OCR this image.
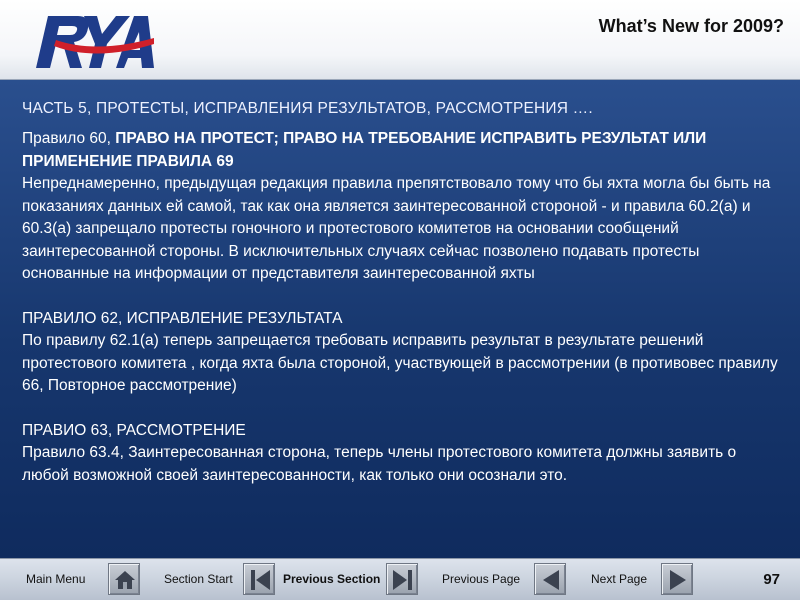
What’s New for 2009?
ЧАСТЬ 5, ПРОТЕСТЫ, ИСПРАВЛЕНИЯ РЕЗУЛЬТАТОВ, РАССМОТРЕНИЯ ….
Правило 60, ПРАВО НА ПРОТЕСТ; ПРАВО НА ТРЕБОВАНИЕ ИСПРАВИТЬ РЕЗУЛЬТАТ ИЛИ ПРИМЕНЕНИЕ ПРАВИЛА 69
Непреднамеренно, предыдущая редакция правила препятствовало тому что бы яхта могла бы быть на показаниях данных ей самой, так как она является заинтересованной стороной - и правила 60.2(a) и 60.3(a) запрещало протесты гоночного и протестового комитетов на основании сообщений заинтересованной стороны. В исключительных случаях сейчас позволено подавать протесты основанные на информации от представителя заинтересованной яхты
ПРАВИЛО 62, ИСПРАВЛЕНИЕ РЕЗУЛЬТАТА
По правилу 62.1(a) теперь запрещается требовать исправить результат в результате решений протестового комитета , когда яхта была стороной, участвующей в рассмотрении (в противовес правилу 66, Повторное рассмотрение)
ПРАВИО 63, РАССМОТРЕНИЕ
Правило 63.4, Заинтересованная сторона, теперь члены протестового комитета должны заявить о любой возможной своей заинтересованности, как только они осознали это.
Main Menu	Section Start	Previous Section	Previous Page	Next Page	97
